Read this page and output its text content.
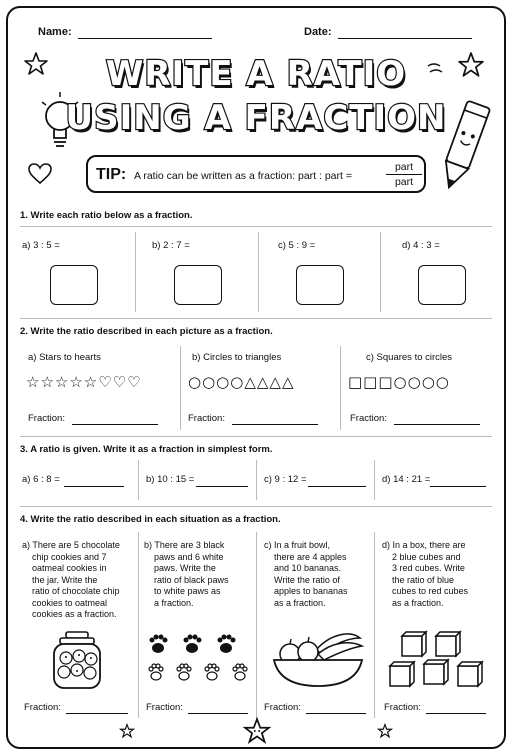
Name:	Date:
WRITE A RATIO
USING A FRACTION
TIP: A ratio can be written as a fraction: part : part =
part
part
1. Write each ratio below as a fraction.
a) 3 : 5 =	b) 2 : 7 =	c) 5 : 9 =	d) 4 : 3 =
2. Write the ratio described in each picture as a fraction.
a) Stars to hearts	b) Circles to triangles	c) Squares to circles
☆☆☆☆☆♡♡♡	○○○○△△△△	□□□○○○○
Fraction:	Fraction:	Fraction:
3. A ratio is given. Write it as a fraction in simplest form.
a) 6 : 8 =	b) 10 : 15 =	c) 9 : 12 =	d) 14 : 21 =
4. Write the ratio described in each situation as a fraction.
a) There are 5 chocolate
chip cookies and 7
oatmeal cookies in
the jar. Write the
ratio of chocolate chip
cookies to oatmeal
cookies as a fraction.
b) There are 3 black
paws and 6 white
paws. Write the
ratio of black paws
to white paws as
a fraction.
c) In a fruit bowl,
there are 4 apples
and 10 bananas.
Write the ratio of
apples to bananas
as a fraction.
d) In a box, there are
2 blue cubes and
3 red cubes. Write
the ratio of blue
cubes to red cubes
as a fraction.
Fraction:	Fraction:	Fraction:	Fraction:
